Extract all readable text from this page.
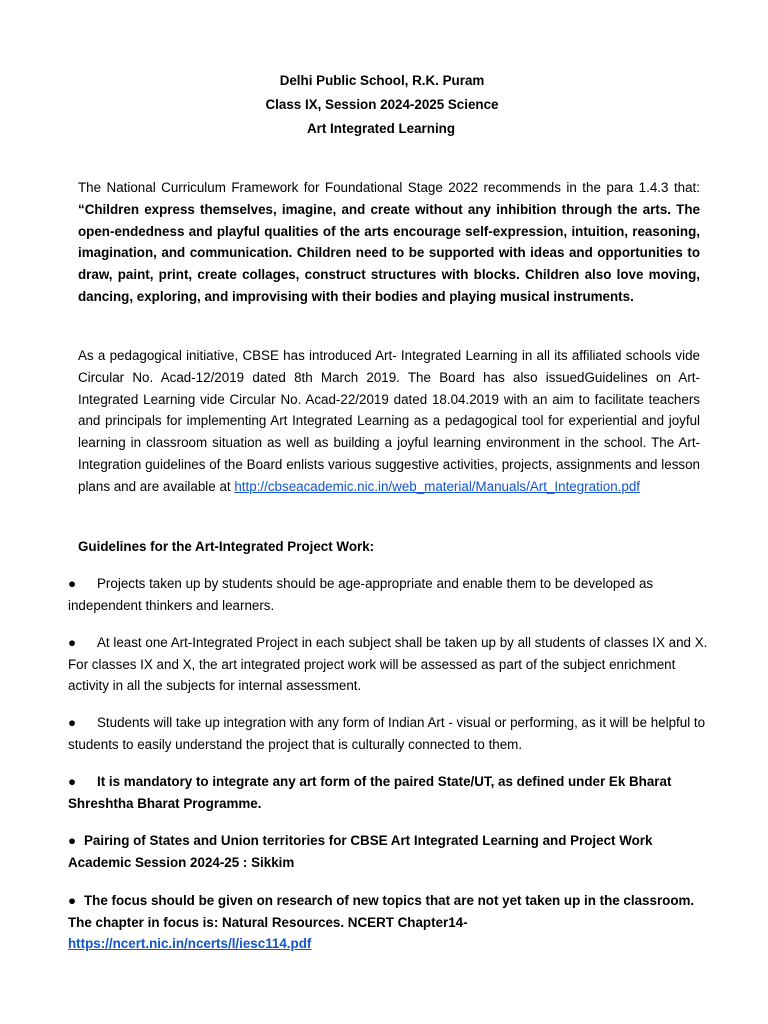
Delhi Public School, R.K. Puram
Class IX, Session 2024-2025 Science
Art Integrated Learning
The National Curriculum Framework for Foundational Stage 2022 recommends in the para 1.4.3 that: “Children express themselves, imagine, and create without any inhibition through the arts. The open-endedness and playful qualities of the arts encourage self-expression, intuition, reasoning, imagination, and communication. Children need to be supported with ideas and opportunities to draw, paint, print, create collages, construct structures with blocks. Children also love moving, dancing, exploring, and improvising with their bodies and playing musical instruments.
As a pedagogical initiative, CBSE has introduced Art- Integrated Learning in all its affiliated schools vide Circular No. Acad-12/2019 dated 8th March 2019. The Board has also issuedGuidelines on Art-Integrated Learning vide Circular No. Acad-22/2019 dated 18.04.2019 with an aim to facilitate teachers and principals for implementing Art Integrated Learning as a pedagogical tool for experiential and joyful learning in classroom situation as well as building a joyful learning environment in the school. The Art-Integration guidelines of the Board enlists various suggestive activities, projects, assignments and lesson plans and are available at http://cbseacademic.nic.in/web_material/Manuals/Art_Integration.pdf
Guidelines for the Art-Integrated Project Work:
● Projects taken up by students should be age-appropriate and enable them to be developed as independent thinkers and learners.
● At least one Art-Integrated Project in each subject shall be taken up by all students of classes IX and X. For classes IX and X, the art integrated project work will be assessed as part of the subject enrichment activity in all the subjects for internal assessment.
● Students will take up integration with any form of Indian Art - visual or performing, as it will be helpful to students to easily understand the project that is culturally connected to them.
● It is mandatory to integrate any art form of the paired State/UT, as defined under Ek Bharat Shreshtha Bharat Programme.
● Pairing of States and Union territories for CBSE Art Integrated Learning and Project Work Academic Session 2024-25 : Sikkim
● The focus should be given on research of new topics that are not yet taken up in the classroom. The chapter in focus is: Natural Resources. NCERT Chapter14-
https://ncert.nic.in/ncerts/l/iesc114.pdf
